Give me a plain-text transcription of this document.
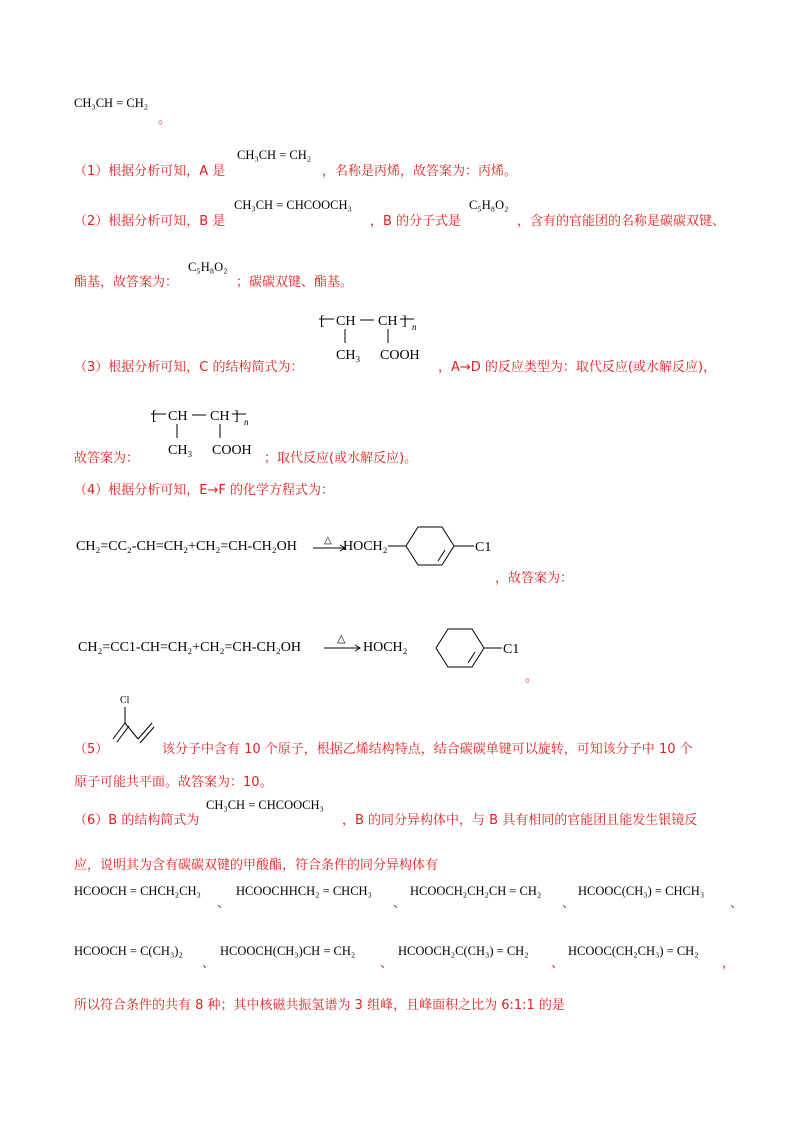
CH₃CH = CH₂
。
（1）根据分析可知，A 是
CH₃CH = CH₂
，名称是丙烯，故答案为：丙烯。
（2）根据分析可知，B 是
CH₃CH = CHCOOCH₃
，B 的分子式是
C₅H₈O₂
，含有的官能团的名称是碳碳双键、
酯基，故答案为：
C₅H₈O₂
；碳碳双键、酯基。
[ CH CH ] n
CH₃ COOH
（3）根据分析可知，C 的结构简式为：	，A→D 的反应类型为：取代反应(或水解反应)，
[ CH CH ] n
CH₃ COOH
故答案为：	；取代反应(或水解反应)。
（4）根据分析可知，E→F 的化学方程式为：
CH₂=CC₂-CH=CH₂+CH₂=CH-CH₂OH	△ HOCH₂	C1
，故答案为：
CH₂=CC1-CH=CH₂+CH₂=CH-CH₂OH
△
HOCH₂	C1
。
Cl
（5）	该分子中含有 10 个原子，根据乙烯结构特点，结合碳碳单键可以旋转，可知该分子中 10 个
原子可能共平面。故答案为：10。
（6）B 的结构简式为
CH₃CH = CHCOOCH₃
，B 的同分异构体中，与 B 具有相同的官能团且能发生银镜反
应，说明其为含有碳碳双键的甲酸酯，符合条件的同分异构体有
HCOOCH = CHCH₂CH₃
、
HCOOCHHCH₂ = CHCH₃
、
HCOOCH₂CH₂CH = CH₂
、
HCOOC(CH₃) = CHCH₃
、
HCOOCH = C(CH₃)₂
、
HCOOCH(CH₃)CH = CH₂
、
HCOOCH₂C(CH₃) = CH₂
、
HCOOC(CH₂CH₃) = CH₂
，
所以符合条件的共有 8 种；其中核磁共振氢谱为 3 组峰，且峰面积之比为 6:1:1 的是
